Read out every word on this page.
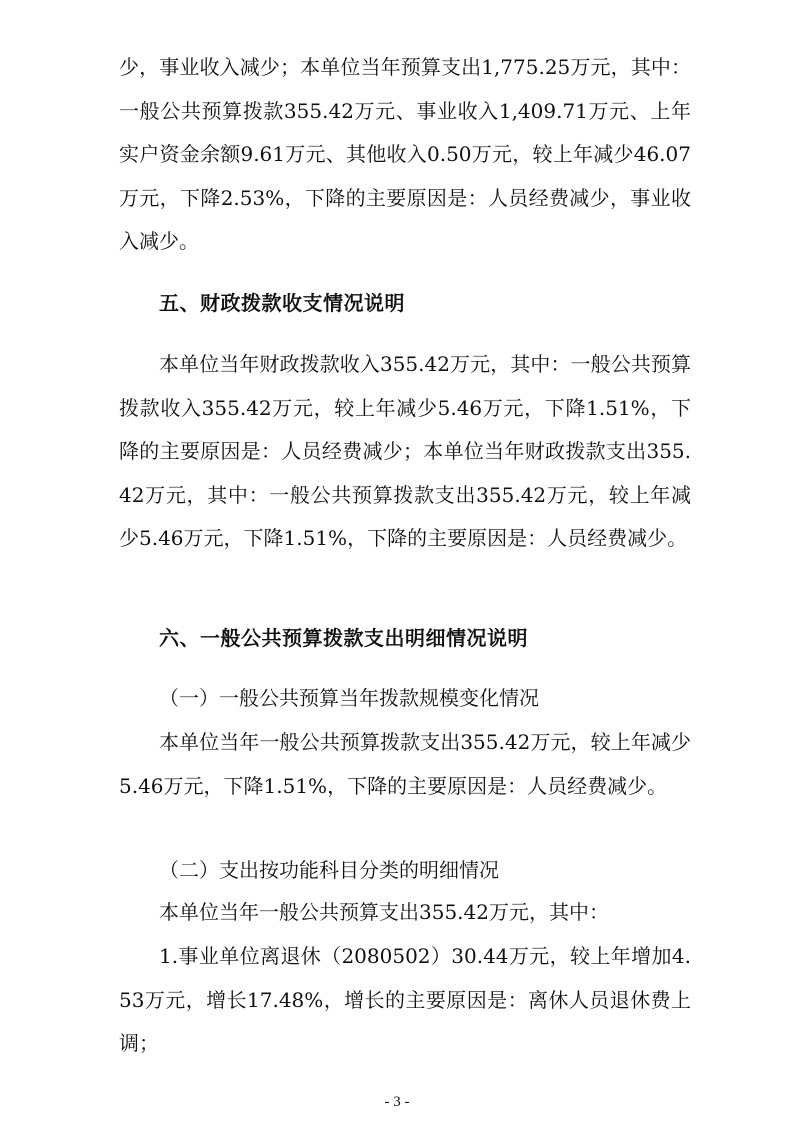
少，事业收入减少；本单位当年预算支出1,775.25万元，其中：一般公共预算拨款355.42万元、事业收入1,409.71万元、上年实户资金余额9.61万元、其他收入0.50万元，较上年减少46.07万元，下降2.53%，下降的主要原因是：人员经费减少，事业收入减少。

五、财政拨款收支情况说明

本单位当年财政拨款收入355.42万元，其中：一般公共预算拨款收入355.42万元，较上年减少5.46万元，下降1.51%，下降的主要原因是：人员经费减少；本单位当年财政拨款支出355.42万元，其中：一般公共预算拨款支出355.42万元，较上年减少5.46万元，下降1.51%，下降的主要原因是：人员经费减少。

六、一般公共预算拨款支出明细情况说明

（一）一般公共预算当年拨款规模变化情况

本单位当年一般公共预算拨款支出355.42万元，较上年减少5.46万元，下降1.51%，下降的主要原因是：人员经费减少。

（二）支出按功能科目分类的明细情况

本单位当年一般公共预算支出355.42万元，其中：

1.事业单位离退休（2080502）30.44万元，较上年增加4.53万元，增长17.48%，增长的主要原因是：离休人员退休费上调；

- 3 -
